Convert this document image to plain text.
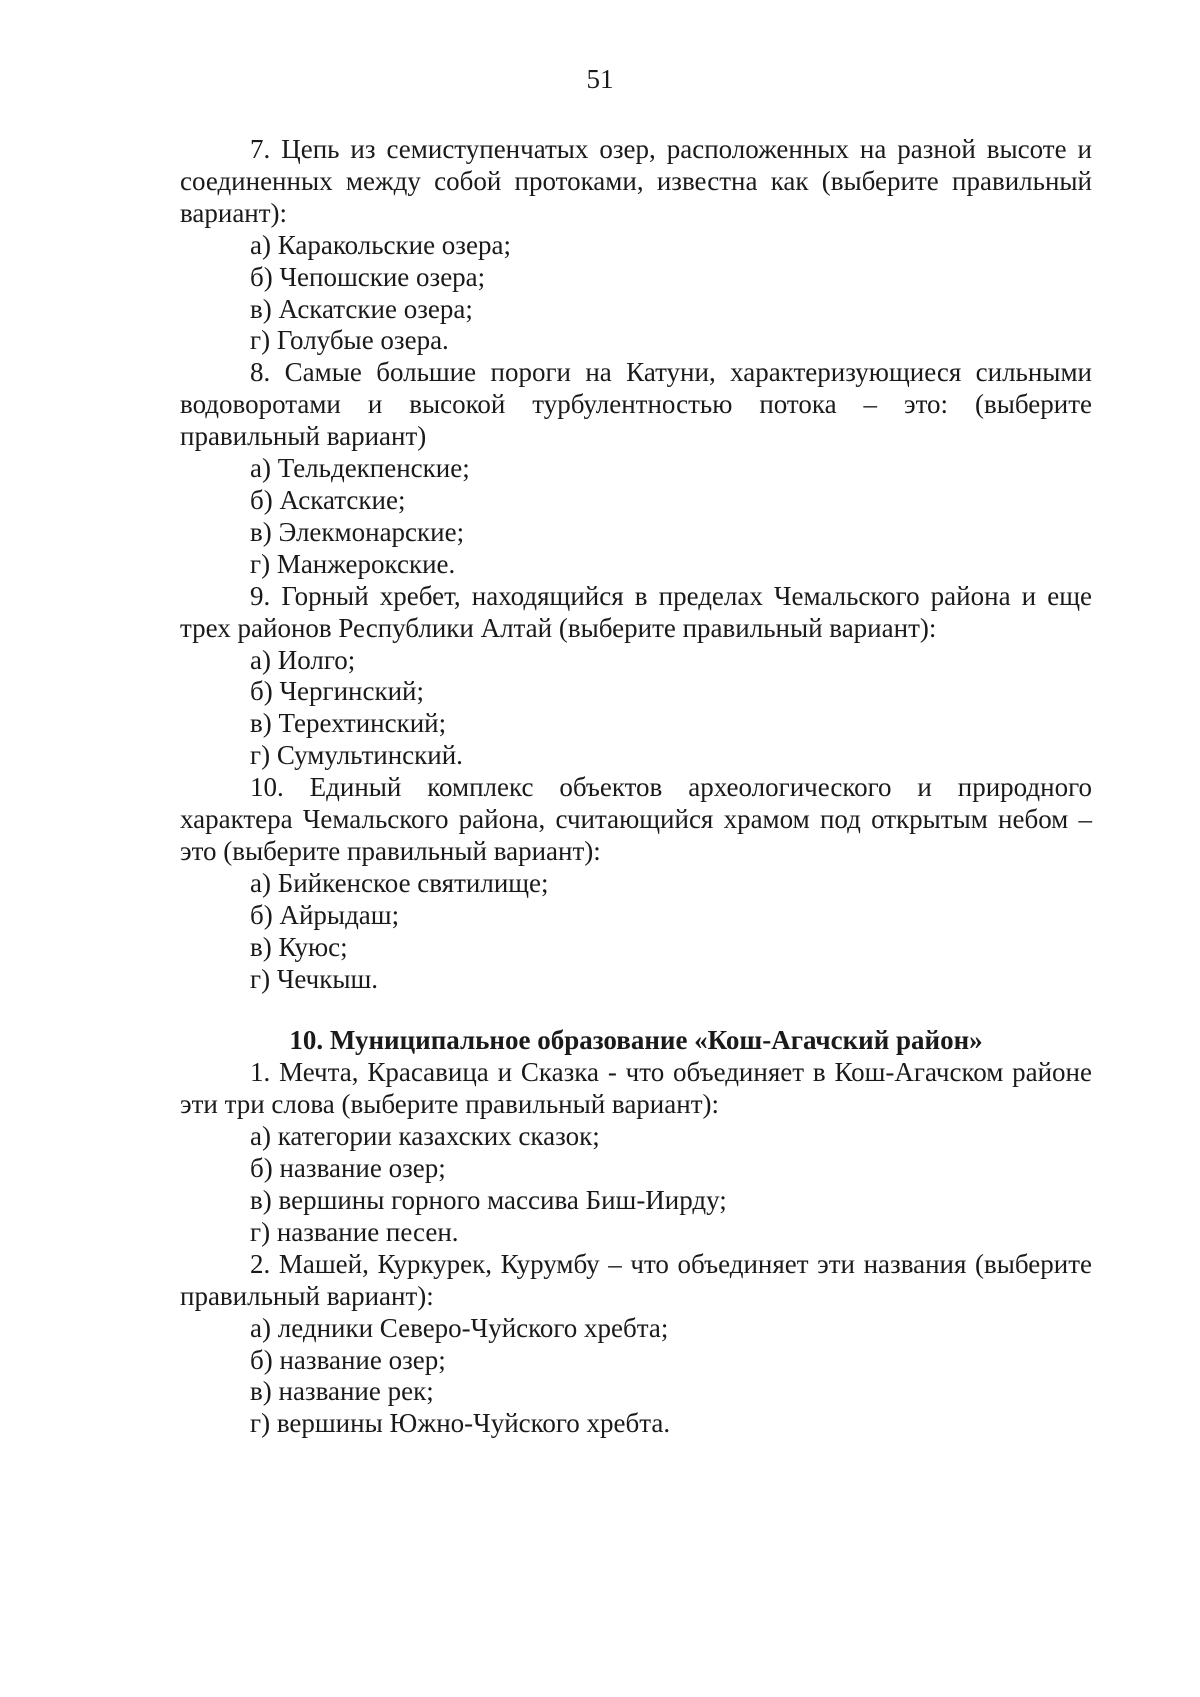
51

7. Цепь из семиступенчатых озер, расположенных на разной высоте и соединенных между собой протоками, известна как (выберите правильный вариант):

а) Каракольские озера;

б) Чепошские озера;

в) Аскатские озера;

г) Голубые озера.

8. Самые большие пороги на Катуни, характеризующиеся сильными водоворотами и высокой турбулентностью потока – это: (выберите правильный вариант)

а) Тельдекпенские;

б) Аскатские;

в) Элекмонарские;

г) Манжерокские.

9. Горный хребет, находящийся в пределах Чемальского района и еще трех районов Республики Алтай (выберите правильный вариант):

а) Иолго;

б) Чергинский;

в) Терехтинский;

г) Сумультинский.

10. Единый комплекс объектов археологического и природного характера Чемальского района, считающийся храмом под открытым небом – это (выберите правильный вариант):

а) Бийкенское святилище;

б) Айрыдаш;

в) Куюс;

г) Чечкыш.

10. Муниципальное образование «Кош-Агачский район»

1. Мечта, Красавица и Сказка - что объединяет в Кош-Агачском районе эти три слова (выберите правильный вариант):

а) категории казахских сказок;

б) название озер;

в) вершины горного массива Биш-Иирду;

г) название песен.

2. Машей, Куркурек, Курумбу – что объединяет эти названия (выберите правильный вариант):

а) ледники Северо-Чуйского хребта;

б) название озер;

в) название рек;

г) вершины Южно-Чуйского хребта.
